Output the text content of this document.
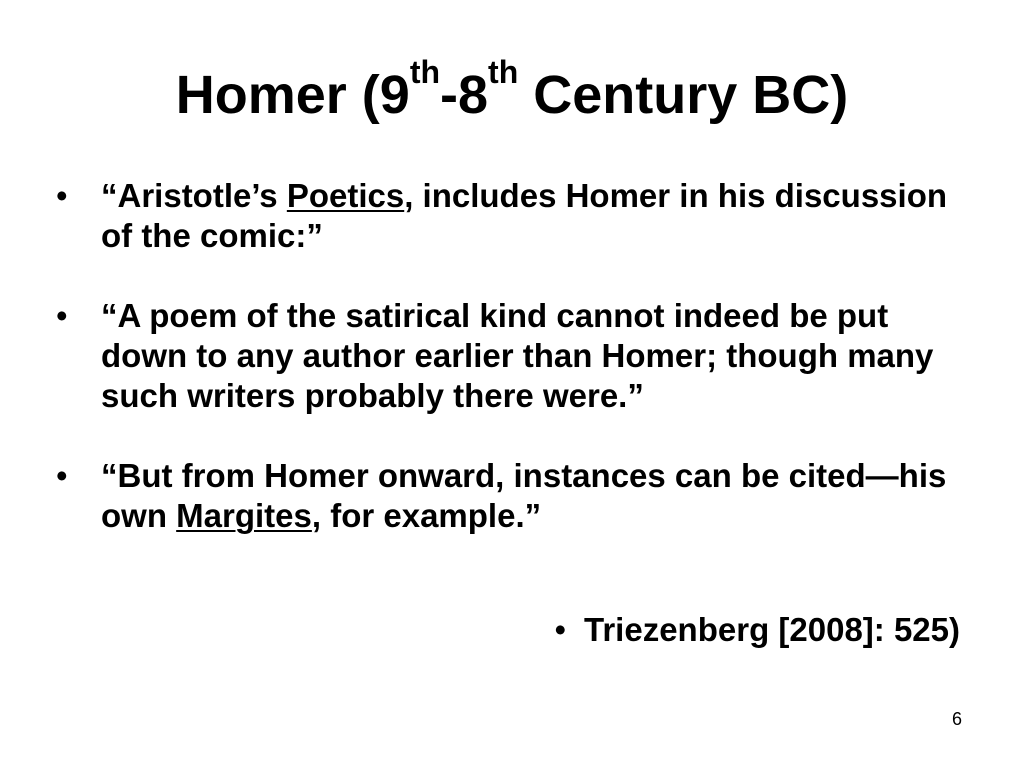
Homer (9th-8th Century BC)
• “Aristotle’s Poetics, includes Homer in his discussion of the comic:”
• “A poem of the satirical kind cannot indeed be put down to any author earlier than Homer; though many such writers probably there were.”
• “But from Homer onward, instances can be cited—his own Margites, for example.”
• Triezenberg [2008]: 525)
6
